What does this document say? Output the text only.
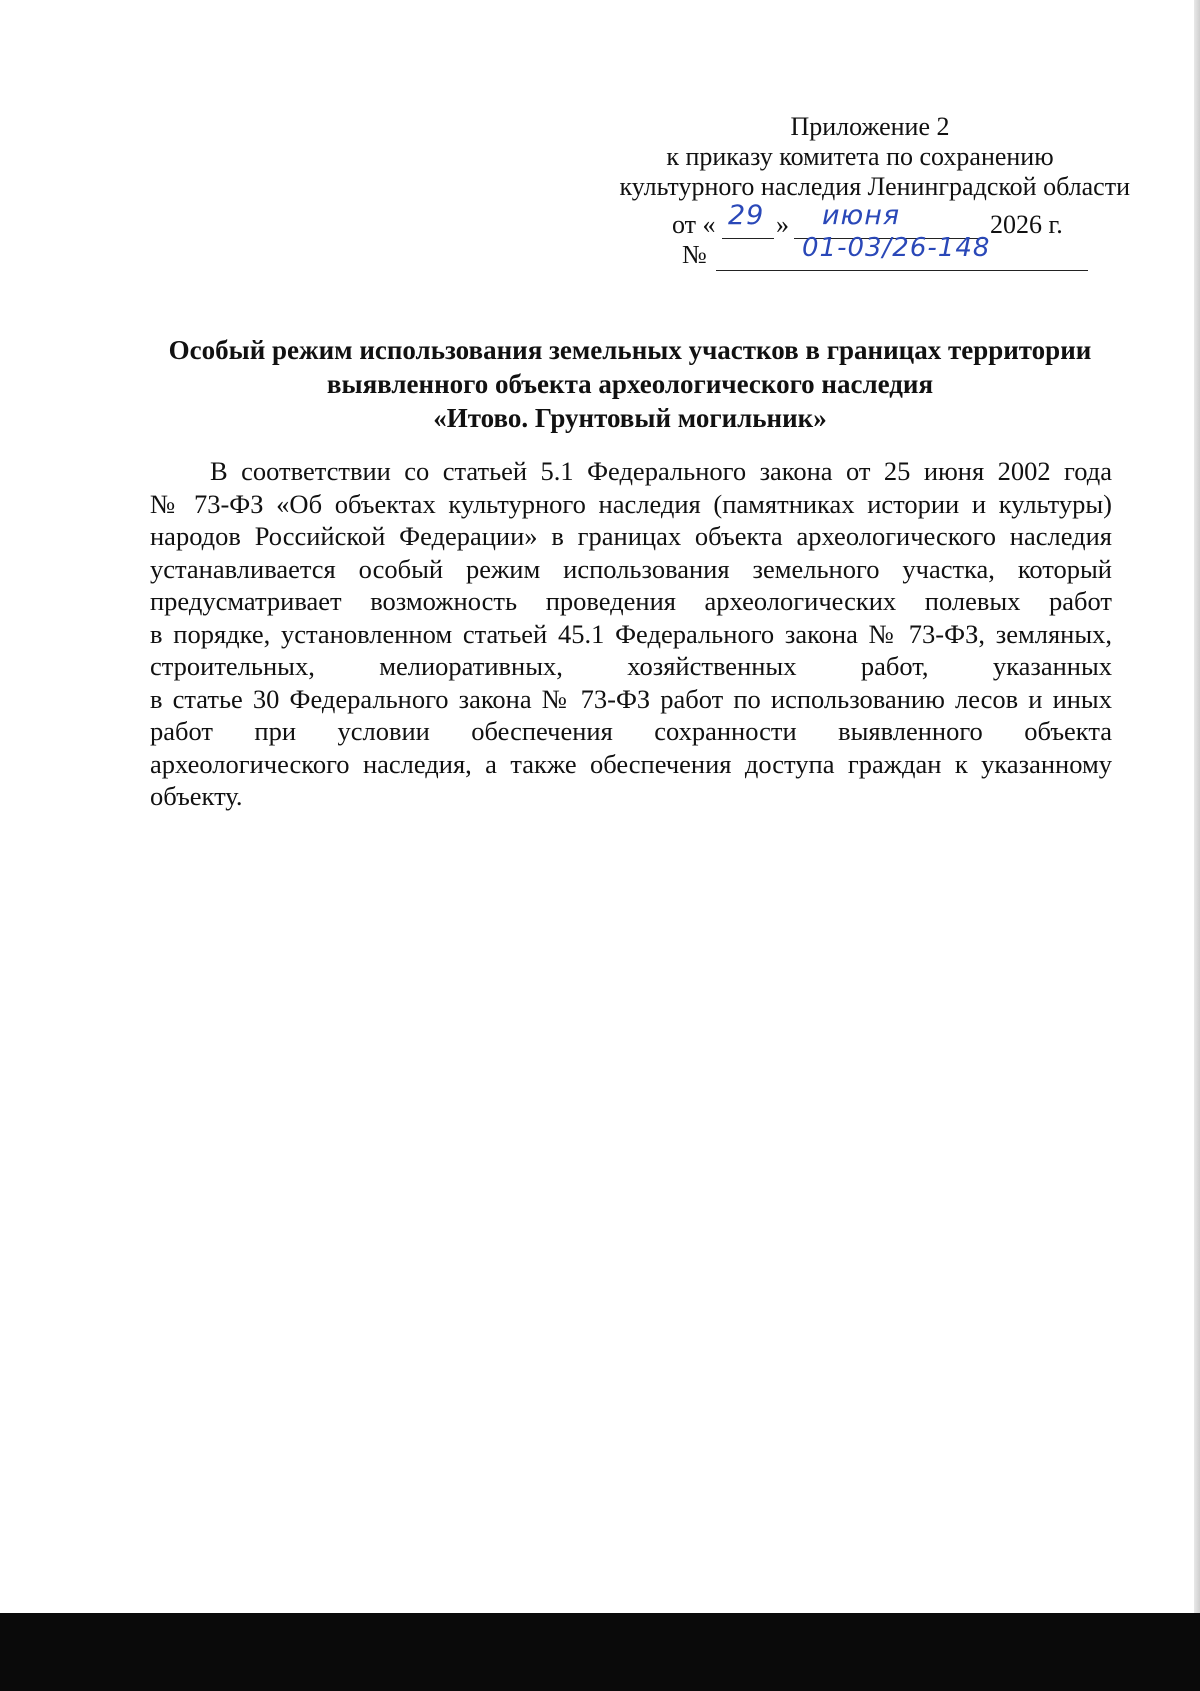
Приложение 2
к приказу комитета по сохранению
культурного наследия Ленинградской области
от « 29 » июня	2026 г.
№	01-03/26-148
Особый режим использования земельных участков в границах территории
выявленного объекта археологического наследия
«Итово. Грунтовый могильник»
В соответствии со статьей 5.1 Федерального закона от 25 июня 2002 года
№ 73-ФЗ «Об объектах культурного наследия (памятниках истории и культуры)
народов Российской Федерации» в границах объекта археологического наследия
устанавливается особый режим использования земельного участка, который
предусматривает возможность проведения археологических полевых работ
в порядке, установленном статьей 45.1 Федерального закона № 73-ФЗ, земляных,
строительных, мелиоративных, хозяйственных работ, указанных
в статье 30 Федерального закона № 73-ФЗ работ по использованию лесов и иных
работ при условии обеспечения сохранности выявленного объекта
археологического наследия, а также обеспечения доступа граждан к указанному
объекту.
